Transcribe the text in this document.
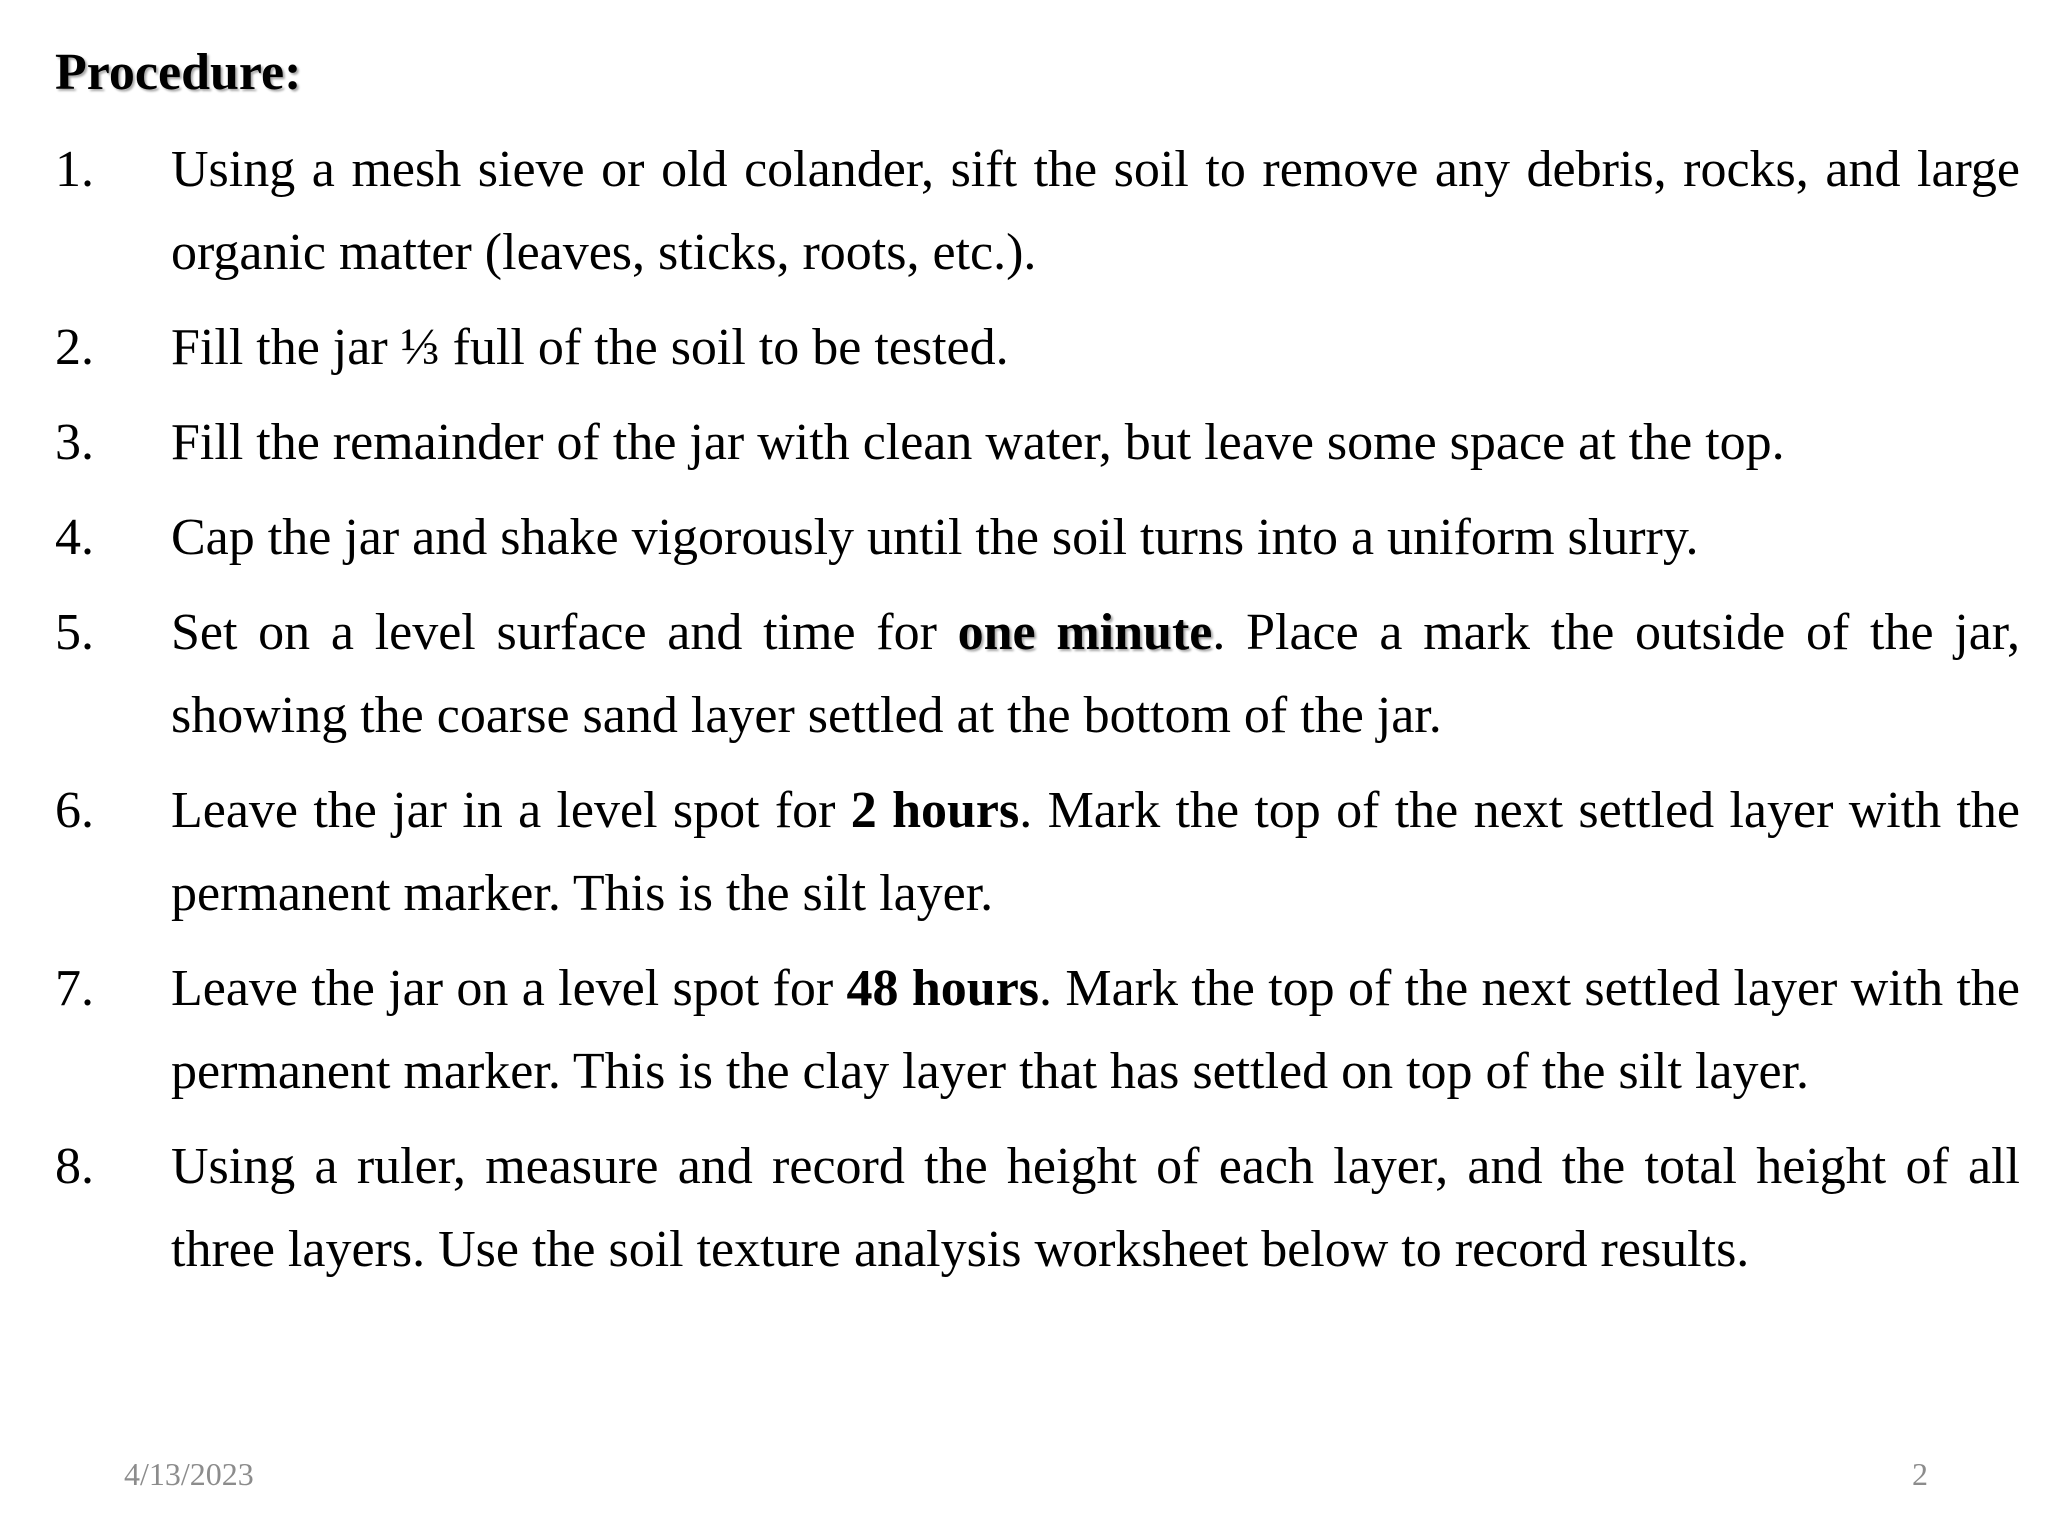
Procedure:
1. Using a mesh sieve or old colander, sift the soil to remove any debris, rocks, and large organic matter (leaves, sticks, roots, etc.).
2. Fill the jar ⅓ full of the soil to be tested.
3. Fill the remainder of the jar with clean water, but leave some space at the top.
4. Cap the jar and shake vigorously until the soil turns into a uniform slurry.
5. Set on a level surface and time for one minute. Place a mark the outside of the jar, showing the coarse sand layer settled at the bottom of the jar.
6. Leave the jar in a level spot for 2 hours. Mark the top of the next settled layer with the permanent marker. This is the silt layer.
7. Leave the jar on a level spot for 48 hours. Mark the top of the next settled layer with the permanent marker. This is the clay layer that has settled on top of the silt layer.
8. Using a ruler, measure and record the height of each layer, and the total height of all three layers. Use the soil texture analysis worksheet below to record results.
4/13/2023	2
